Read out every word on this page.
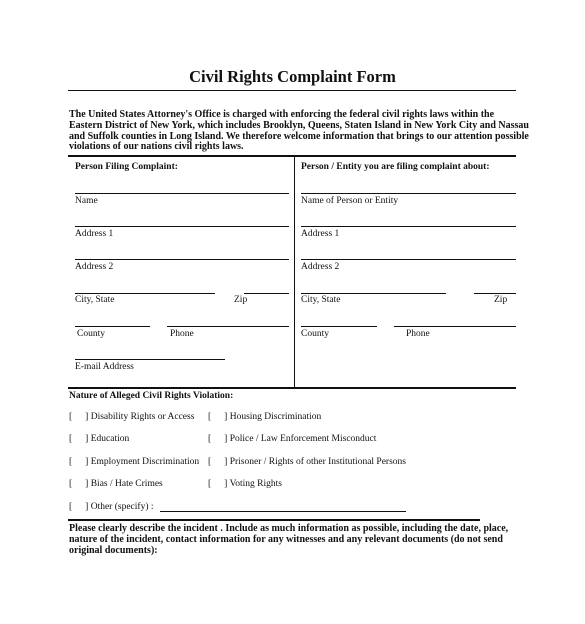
Civil Rights Complaint Form
The United States Attorney's Office is charged with enforcing the federal civil rights laws within the Eastern District of New York, which includes Brooklyn, Queens, Staten Island in New York City and Nassau and Suffolk counties in Long Island. We therefore welcome information that brings to our attention possible violations of our nations civil rights laws.
Person Filing Complaint:
Name
Address 1
Address 2
City, State	Zip
County	Phone
E-mail Address
Person / Entity you are filing complaint about:
Name of Person or Entity
Address 1
Address 2
City, State	Zip
County	Phone
Nature of Alleged Civil Rights Violation:
[ ] Disability Rights or Access
[ ] Education
[ ] Employment Discrimination
[ ] Bias / Hate Crimes
[ ] Housing Discrimination
[ ] Police / Law Enforcement Misconduct
[ ] Prisoner / Rights of other Institutional Persons
[ ] Voting Rights
[ ] Other (specify) :
Please clearly describe the incident . Include as much information as possible, including the date, place, nature of the incident, contact information for any witnesses and any relevant documents (do not send original documents):
